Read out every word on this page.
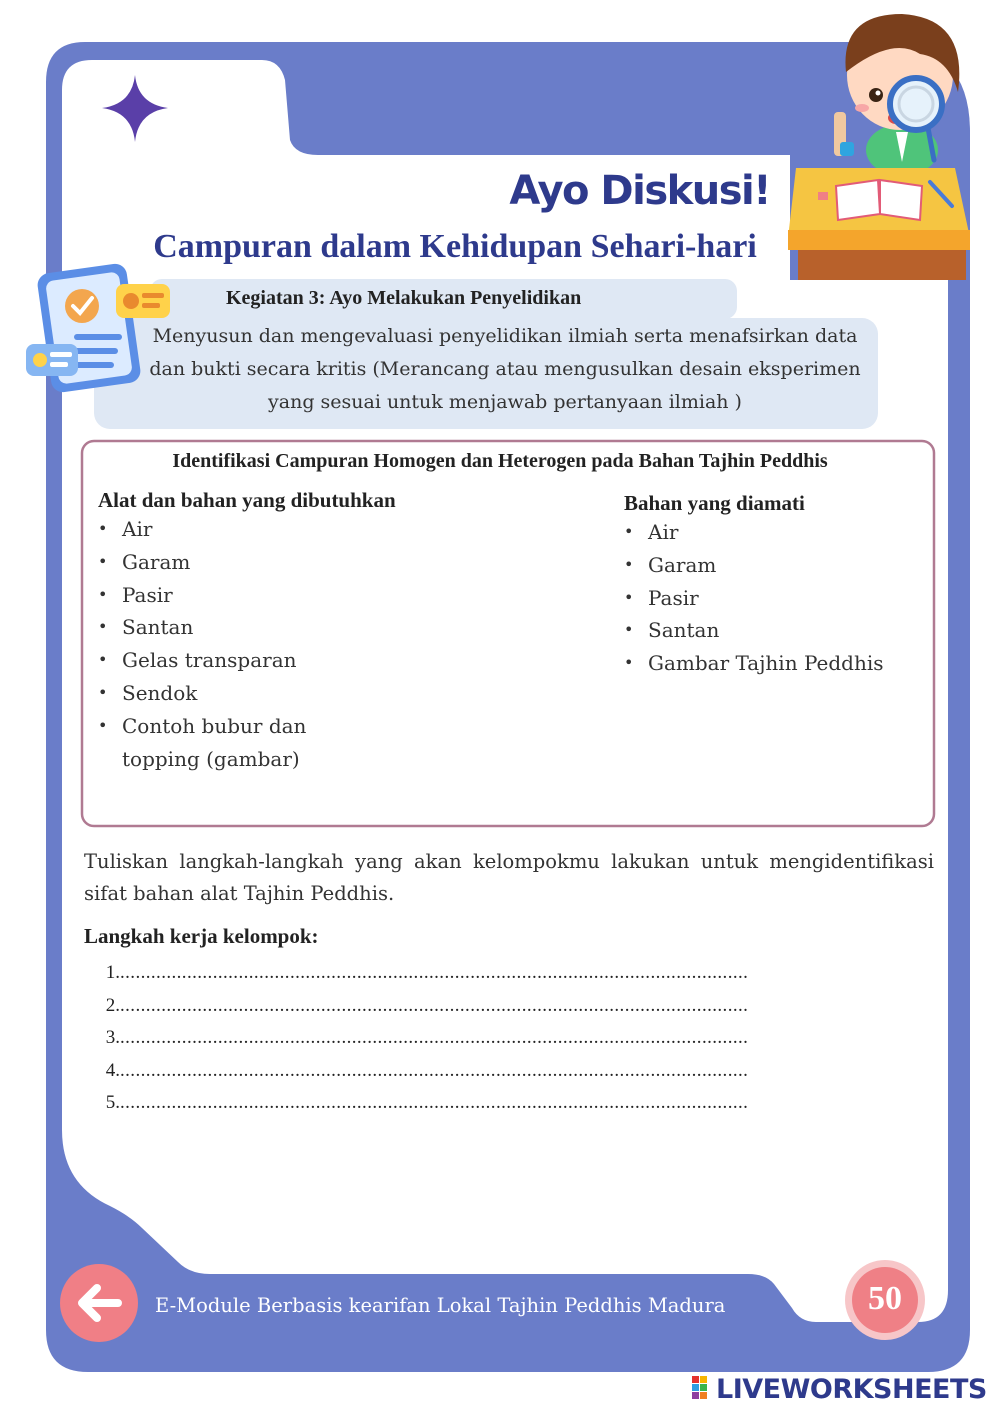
Ayo Diskusi!
Campuran dalam Kehidupan Sehari-hari
Kegiatan 3: Ayo Melakukan Penyelidikan
Menyusun dan mengevaluasi penyelidikan ilmiah serta menafsirkan data dan bukti secara kritis (Merancang atau mengusulkan desain eksperimen yang sesuai untuk menjawab pertanyaan ilmiah )
Identifikasi Campuran Homogen dan Heterogen pada Bahan Tajhin Peddhis
Alat dan bahan yang dibutuhkan
• Air
• Garam
• Pasir
• Santan
• Gelas transparan
• Sendok
• Contoh bubur dan topping (gambar)
Bahan yang diamati
• Air
• Garam
• Pasir
• Santan
• Gambar Tajhin Peddhis
Tuliskan langkah-langkah yang akan kelompokmu lakukan untuk mengidentifikasi sifat bahan alat Tajhin Peddhis.
Langkah kerja kelompok:
1. ..........................................................................................................................
2. ..........................................................................................................................
3. ..........................................................................................................................
4. ..........................................................................................................................
5. ..........................................................................................................................
E-Module Berbasis kearifan Lokal Tajhin Peddhis Madura	50
LIVEWORKSHEETS
